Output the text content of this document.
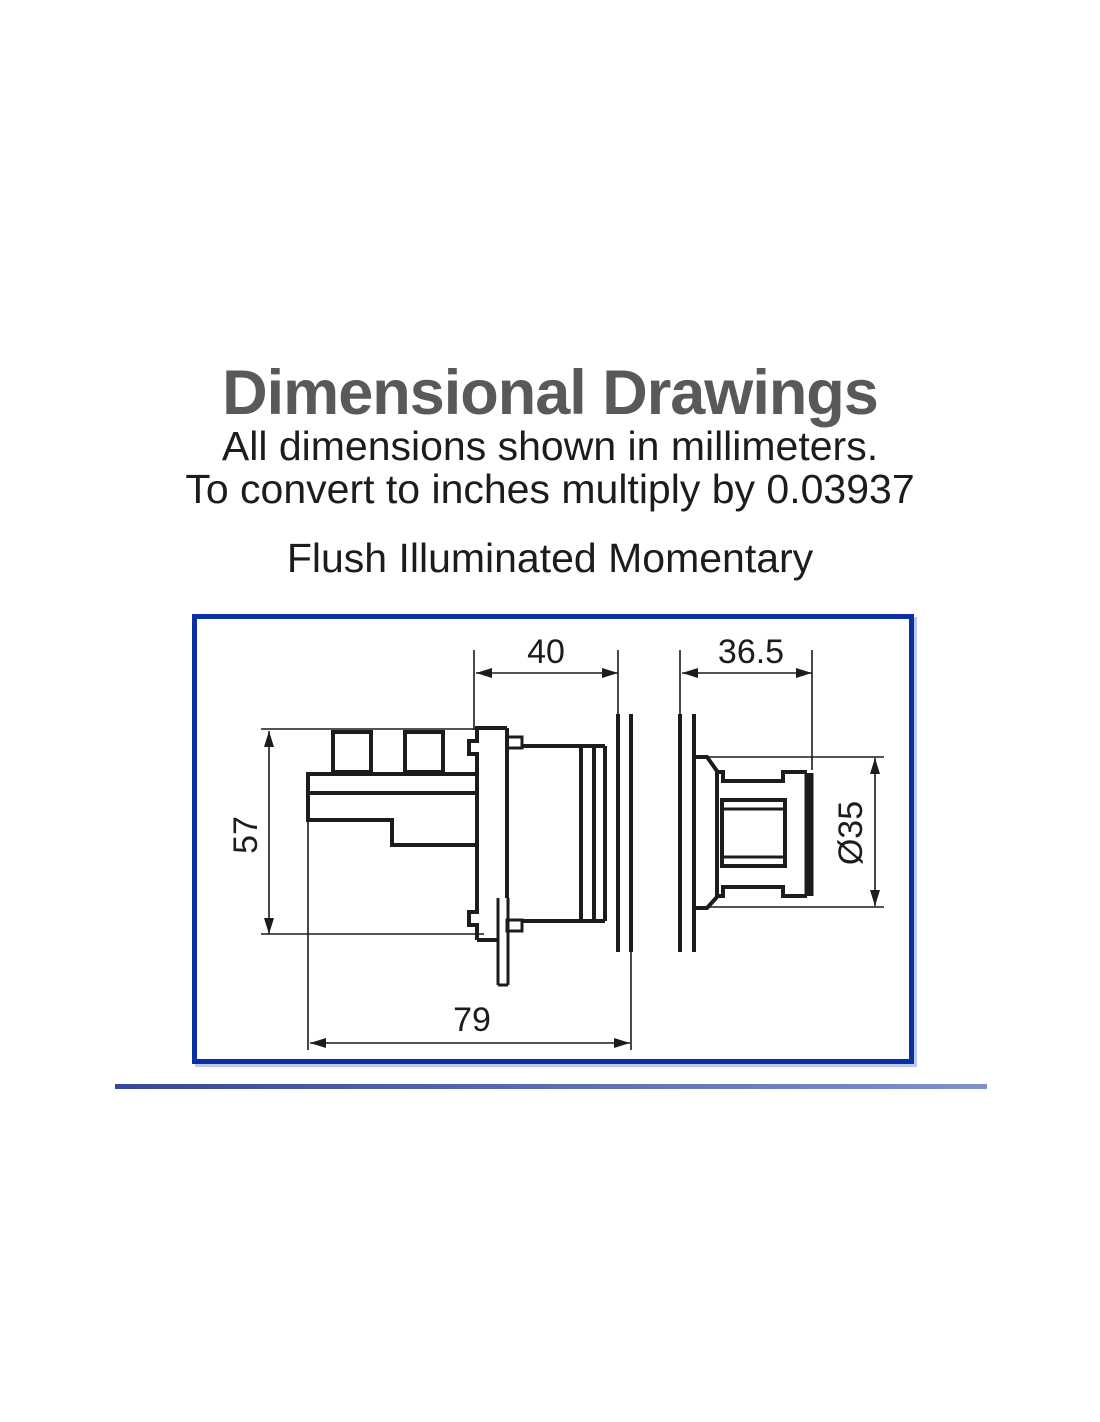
Dimensional Drawings
All dimensions shown in millimeters.
To convert to inches multiply by 0.03937
Flush Illuminated Momentary
40	36.5
57	Ø35
79
